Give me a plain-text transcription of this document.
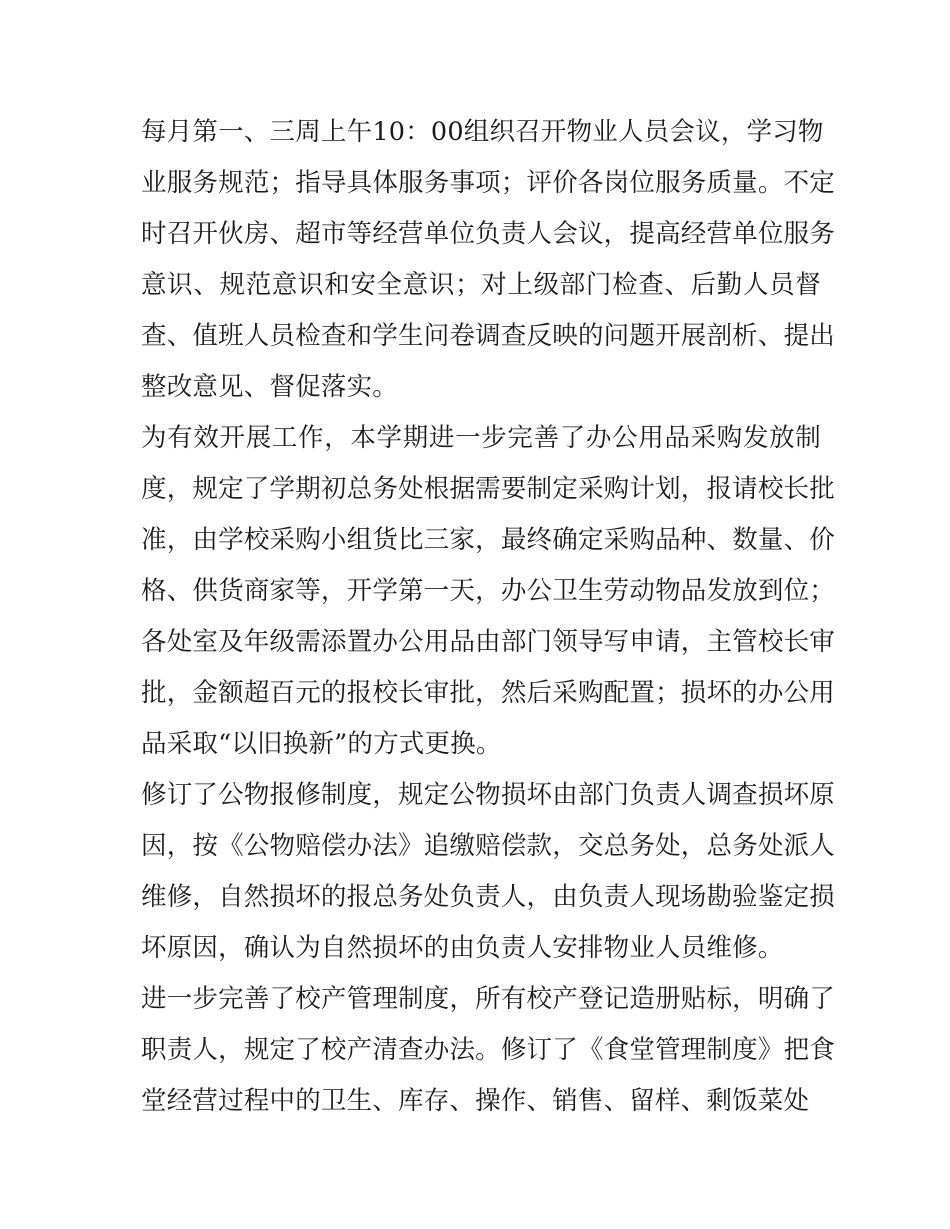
每 月 第 一 、 三 周 上 午 1 0 ： 0 0 组 织 召 开 物 业 人 员 会 议 ， 学 习 物
业 服 务 规 范 ； 指 导 具 体 服 务 事 项 ； 评 价 各 岗 位 服 务 质 量 。 不 定
时 召 开 伙 房 、 超 市 等 经 营 单 位 负 责 人 会 议 ， 提 高 经 营 单 位 服 务
意 识 、 规 范 意 识 和 安 全 意 识 ； 对 上 级 部 门 检 查 、 后 勤 人 员 督
查 、 值 班 人 员 检 查 和 学 生 问 卷 调 查 反 映 的 问 题 开 展 剖 析 、 提 出
整改意见、督促落实。
为 有 效 开 展 工 作 ， 本 学 期 进 一 步 完 善 了 办 公 用 品 采 购 发 放 制
度 ， 规 定 了 学 期 初 总 务 处 根 据 需 要 制 定 采 购 计 划 ， 报 请 校 长 批
准 ， 由 学 校 采 购 小 组 货 比 三 家 ， 最 终 确 定 采 购 品 种 、 数 量 、 价
格 、 供 货 商 家 等 ， 开 学 第 一 天 ， 办 公 卫 生 劳 动 物 品 发 放 到 位 ；
各 处 室 及 年 级 需 添 置 办 公 用 品 由 部 门 领 导 写 申 请 ， 主 管 校 长 审
批 ， 金 额 超 百 元 的 报 校 长 审 批 ， 然 后 采 购 配 置 ； 损 坏 的 办 公 用
品采取“以旧换新”的方式更换。
修 订 了 公 物 报 修 制 度 ， 规 定 公 物 损 坏 由 部 门 负 责 人 调 查 损 坏 原
因 ， 按 《 公 物 赔 偿 办 法 》 追 缴 赔 偿 款 ， 交 总 务 处 ， 总 务 处 派 人
维 修 ， 自 然 损 坏 的 报 总 务 处 负 责 人 ， 由 负 责 人 现 场 勘 验 鉴 定 损
坏原因，确认为自然损坏的由负责人安排物业人员维修。
进 一 步 完 善 了 校 产 管 理 制 度 ， 所 有 校 产 登 记 造 册 贴 标 ， 明 确 了
职 责 人 ， 规 定 了 校 产 清 查 办 法 。 修 订 了 《 食 堂 管 理 制 度 》 把 食
堂经营过程中的卫生、库存、操作、销售、留样、剩饭菜处
